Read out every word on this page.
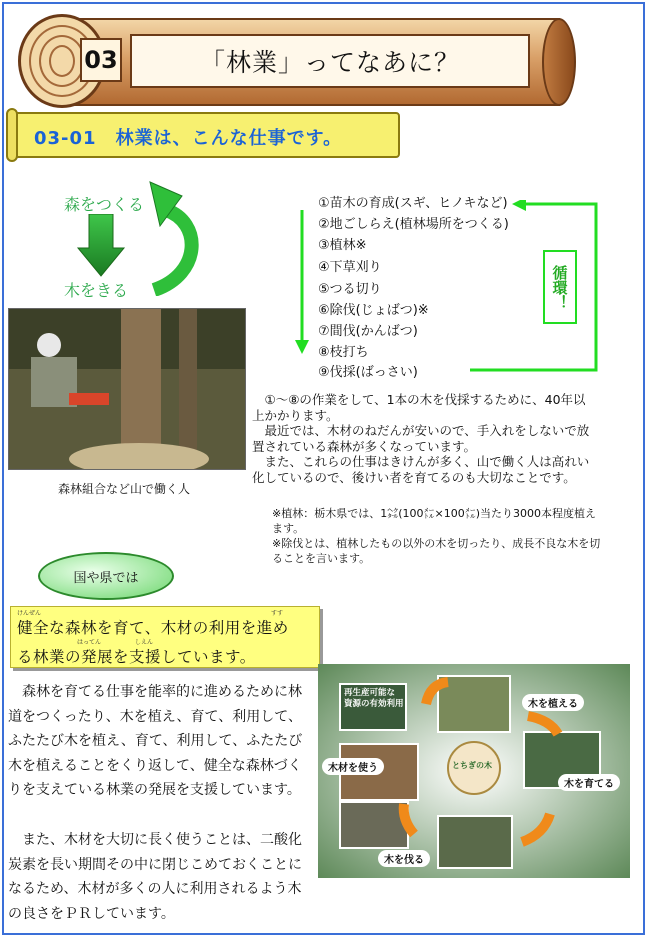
03	「林業」ってなあに？
03-01　林業は、こんな仕事です。
森をつくる
木をきる
①苗木の育成(スギ、ヒノキなど)
②地ごしらえ(植林場所をつくる)
③植林※
④下草刈り
⑤つる切り
⑥除伐(じょばつ)※
⑦間伐(かんばつ)
⑧枝打ち
⑨伐採(ばっさい)
循環！
森林組合など山で働く人
　①～⑧の作業をして、1本の木を伐採するために、40年以上かかります。
　最近では、木材のねだんが安いので、手入れをしないで放置されている森林が多くなっています。
　また、これらの仕事はきけんが多く、山で働く人は高れい化しているので、後けい者を育てるのも大切なことです。
※植林：栃木県では、1㌶(100㍍×100㍍)当たり3000本程度植えます。
※除伐とは、植林したもの以外の木を切ったり、成長不良な木を切ることを言います。
国や県では
けんぜん	すす
健全な森林を育て、木材の利用を進め
はってん	しえん
る林業の発展を支援しています。
　森林を育てる仕事を能率的に進めるために林道をつくったり、木を植え、育て、利用して、ふたたび木を植え、育て、利用して、ふたたび木を植えることをくり返して、健全な森林づくりを支えている林業の発展を支援しています。
　また、木材を大切に長く使うことは、二酸化炭素を長い期間その中に閉じこめておくことになるため、木材が多くの人に利用されるよう木の良さをＰＲしています。
再生産可能な
資源の有効利用	木を植える
木を育てる
木を伐る
木材を使う	とちぎの木
